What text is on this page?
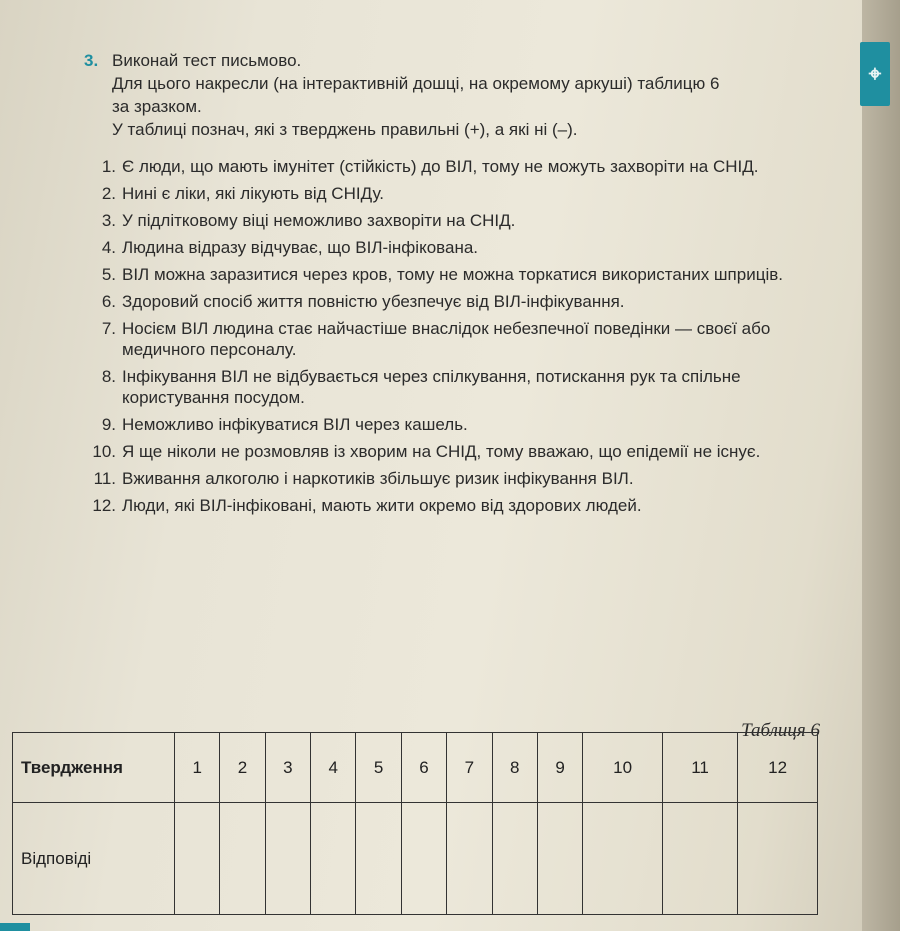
⌖
3. Виконай тест письмово.

Для цього накресли (на інтерактивній дошці, на окремому аркуші) таблицю 6

за зразком.

У таблиці познач, які з тверджень правильні (+), а які ні (–).

1. Є люди, що мають імунітет (стійкість) до ВІЛ, тому не можуть захворіти на СНІД.
2. Нині є ліки, які лікують від СНІДу.
3. У підлітковому віці неможливо захворіти на СНІД.
4. Людина відразу відчуває, що ВІЛ-інфікована.
5. ВІЛ можна заразитися через кров, тому не можна торкатися використаних шприців.
6. Здоровий спосіб життя повністю убезпечує від ВІЛ-інфікування.
7. Носієм ВІЛ людина стає найчастіше внаслідок небезпечної поведінки — своєї або медичного персоналу.
8. Інфікування ВІЛ не відбувається через спілкування, потискання рук та спільне користування посудом.
9. Неможливо інфікуватися ВІЛ через кашель.
10. Я ще ніколи не розмовляв із хворим на СНІД, тому вважаю, що епідемії не існує.
11. Вживання алкоголю і наркотиків збільшує ризик інфікування ВІЛ.
12. Люди, які ВІЛ-інфіковані, мають жити окремо від здорових людей.
Таблиця 6
Твердження	1	2	3	4	5	6	7	8	9	10	11	12
Відповіді												
